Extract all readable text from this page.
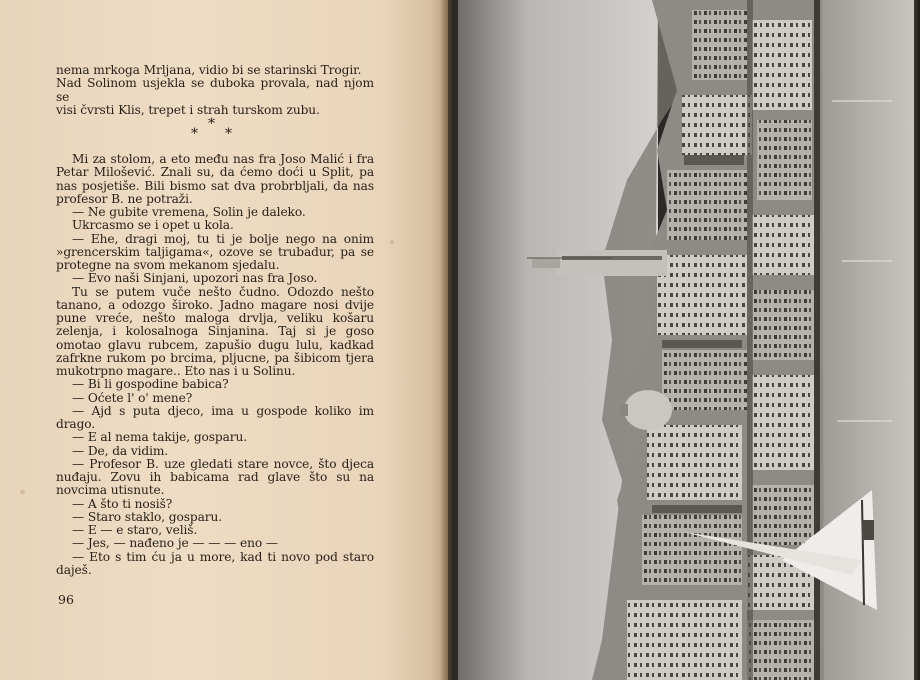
nema mrkoga Mrljana, vidio bi se starinski Trogir.

Nad Solinom usjekla se duboka provala, nad njom se

visi čvrsti Klis, trepet i strah turskom zubu.

*
* *

Mi za stolom, a eto među nas fra Joso Malić i fra Petar Milošević. Znali su, da ćemo doći u Split, pa nas posjetiše. Bili bismo sat dva probrbljali, da nas profesor B. ne potraži.

— Ne gubite vremena, Solin je daleko.

Ukrcasmo se i opet u kola.

— Ehe, dragi moj, tu ti je bolje nego na onim »grencerskim taljigama«, ozove se trubadur, pa se protegne na svom mekanom sjedalu.

— Evo naši Sinjani, upozori nas fra Joso.

Tu se putem vuče nešto čudno. Odozdo nešto tanano, a odozgo široko. Jadno magare nosi dvije pune vreće, nešto maloga drvlja, veliku košaru zelenja, i kolosalnoga Sinjanina. Taj si je goso omotao glavu rubcem, zapušio dugu lulu, kadkad zafrkne rukom po brcima, pljucne, pa šibicom tjera mukotrpno magare.. Eto nas i u Solinu.

— Bi li gospodine babica?

— Oćete l' o' mene?

— Ajd s puta djeco, ima u gospode koliko im drago.

— E al nema takije, gosparu.

— De, da vidim.

— Profesor B. uze gledati stare novce, što djeca nuđaju. Zovu ih babicama rad glave što su na novcima utisnute.

— A što ti nosiš?

— Staro staklo, gosparu.

— E — e staro, veliš.

— Jes, — nađeno je — — — eno —

— Eto s tim ću ja u more, kad ti novo pod staro daješ.

96
